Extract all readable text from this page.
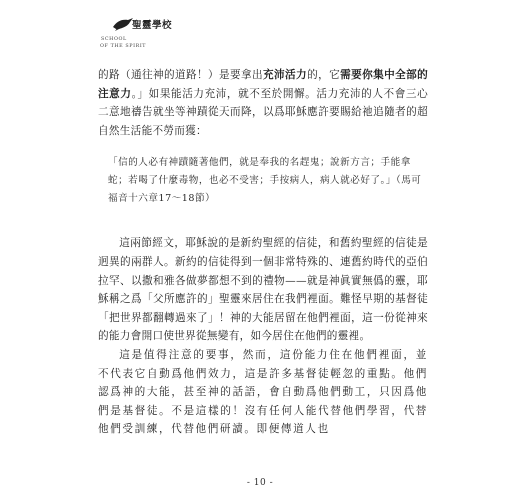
聖靈學校
SCHOOL
OF THE SPIRIT

的路（通往神的道路！）是要拿出充沛活力的，它需要你集中全部的注意力。」如果能活力充沛，就不至於開懈。活力充沛的人不會三心二意地禱告就坐等神蹟從天而降，以爲耶穌應許要賜給祂追隨者的超自然生活能不勞而獲：

「信的人必有神蹟隨著他們，就是奉我的名趕鬼；說新方言；手能拿蛇；若喝了什麼毒物，也必不受害；手按病人，病人就必好了。」（馬可福音十六章17〜18節）

這兩節經文，耶穌說的是新約聖經的信徒，和舊約聖經的信徒是迥異的兩群人。新約的信徒得到一個非常特殊的、連舊約時代的亞伯拉罕、以撒和雅各做夢都想不到的禮物——就是神眞實無僞的靈，耶穌稱之爲「父所應許的」聖靈來居住在我們裡面。難怪早期的基督徒「把世界都翻轉過來了」！神的大能居留在他們裡面，這一份從神來的能力會開口使世界從無變有，如今居住在他們的靈裡。

這是值得注意的要事，然而，這份能力住在他們裡面，並不代表它自動爲他們效力，這是許多基督徒輕忽的重點。他們認爲神的大能，甚至神的話語，會自動爲他們動工，只因爲他們是基督徒。不是這樣的！沒有任何人能代替他們學習，代替他們受訓練，代替他們研讀。即便傳道人也

- 10 -
